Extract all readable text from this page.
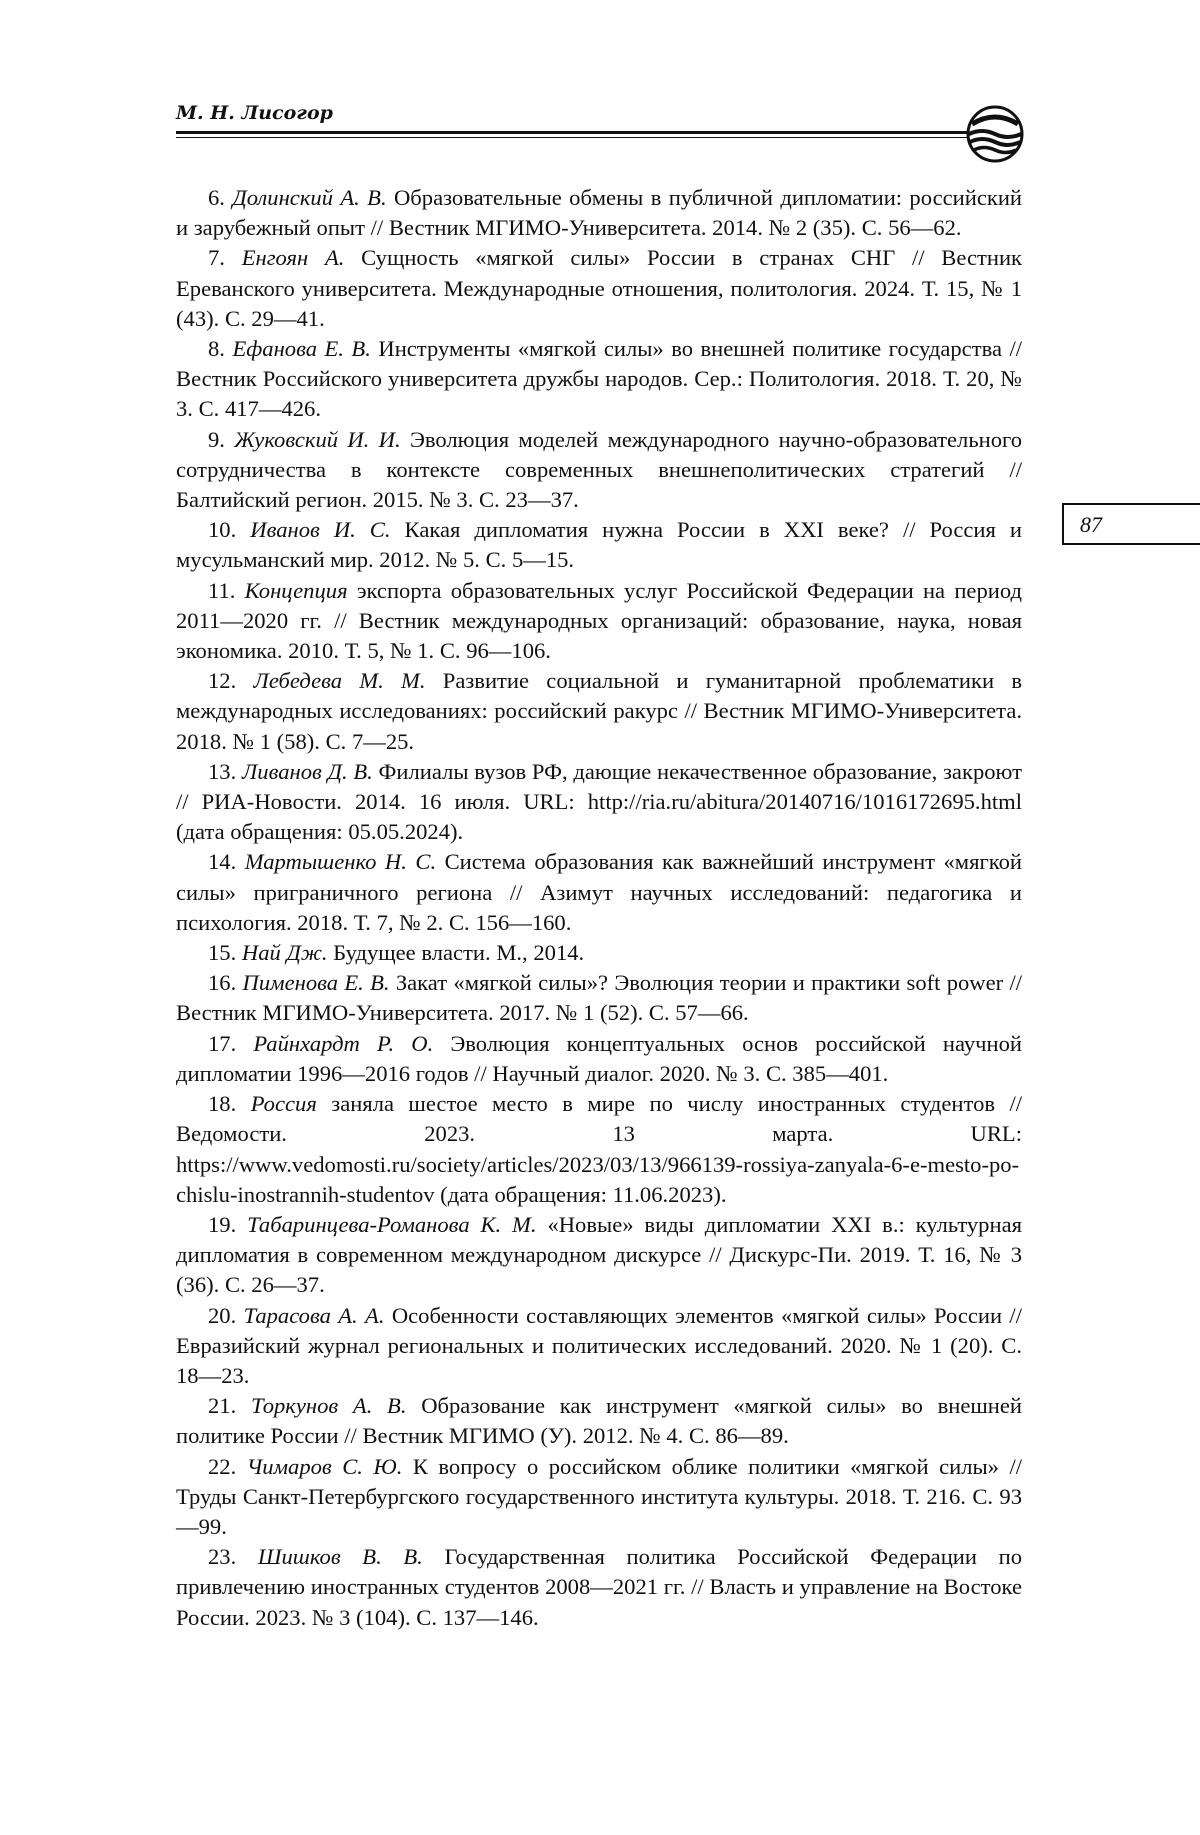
М. Н. Лисогор
87

6. Долинский А. В. Образовательные обмены в публичной дипломатии: российский и зарубежный опыт // Вестник МГИМО-Университета. 2014. № 2 (35). С. 56—62.

7. Енгоян А. Сущность «мягкой силы» России в странах СНГ // Вестник Ереванского университета. Международные отношения, политология. 2024. Т. 15, № 1 (43). С. 29—41.

8. Ефанова Е. В. Инструменты «мягкой силы» во внешней политике государства // Вестник Российского университета дружбы народов. Сер.: Политология. 2018. Т. 20, № 3. С. 417—426.

9. Жуковский И. И. Эволюция моделей международного научно-образовательного сотрудничества в контексте современных внешнеполитических стратегий // Балтийский регион. 2015. № 3. С. 23—37.

10. Иванов И. С. Какая дипломатия нужна России в XXI веке? // Россия и мусульманский мир. 2012. № 5. С. 5—15.

11. Концепция экспорта образовательных услуг Российской Федерации на период 2011—2020 гг. // Вестник международных организаций: образование, наука, новая экономика. 2010. Т. 5, № 1. С. 96—106.

12. Лебедева М. М. Развитие социальной и гуманитарной проблематики в международных исследованиях: российский ракурс // Вестник МГИМО-Университета. 2018. № 1 (58). С. 7—25.

13. Ливанов Д. В. Филиалы вузов РФ, дающие некачественное образование, закроют // РИА-Новости. 2014. 16 июля. URL: http://ria.ru/abitura/20140716/1016172695.html (дата обращения: 05.05.2024).

14. Мартышенко Н. С. Система образования как важнейший инструмент «мягкой силы» приграничного региона // Азимут научных исследований: педагогика и психология. 2018. Т. 7, № 2. С. 156—160.

15. Най Дж. Будущее власти. М., 2014.

16. Пименова Е. В. Закат «мягкой силы»? Эволюция теории и практики soft power // Вестник МГИМО-Университета. 2017. № 1 (52). С. 57—66.

17. Райнхардт Р. О. Эволюция концептуальных основ российской научной дипломатии 1996—2016 годов // Научный диалог. 2020. № 3. С. 385—401.

18. Россия заняла шестое место в мире по числу иностранных студентов // Ведомости. 2023. 13 марта. URL: https://www.vedomosti.ru/society/articles/2023/03/13/966139-rossiya-zanyala-6-e-mesto-po-chislu-inostrannih-studentov (дата обращения: 11.06.2023).

19. Табаринцева-Романова К. М. «Новые» виды дипломатии XXI в.: культурная дипломатия в современном международном дискурсе // Дискурс-Пи. 2019. Т. 16, № 3 (36). С. 26—37.

20. Тарасова А. А. Особенности составляющих элементов «мягкой силы» России // Евразийский журнал региональных и политических исследований. 2020. № 1 (20). С. 18—23.

21. Торкунов А. В. Образование как инструмент «мягкой силы» во внешней политике России // Вестник МГИМО (У). 2012. № 4. С. 86—89.

22. Чимаров С. Ю. К вопросу о российском облике политики «мягкой силы» // Труды Санкт-Петербургского государственного института культуры. 2018. Т. 216. С. 93—99.

23. Шишков В. В. Государственная политика Российской Федерации по привлечению иностранных студентов 2008—2021 гг. // Власть и управление на Востоке России. 2023. № 3 (104). С. 137—146.
